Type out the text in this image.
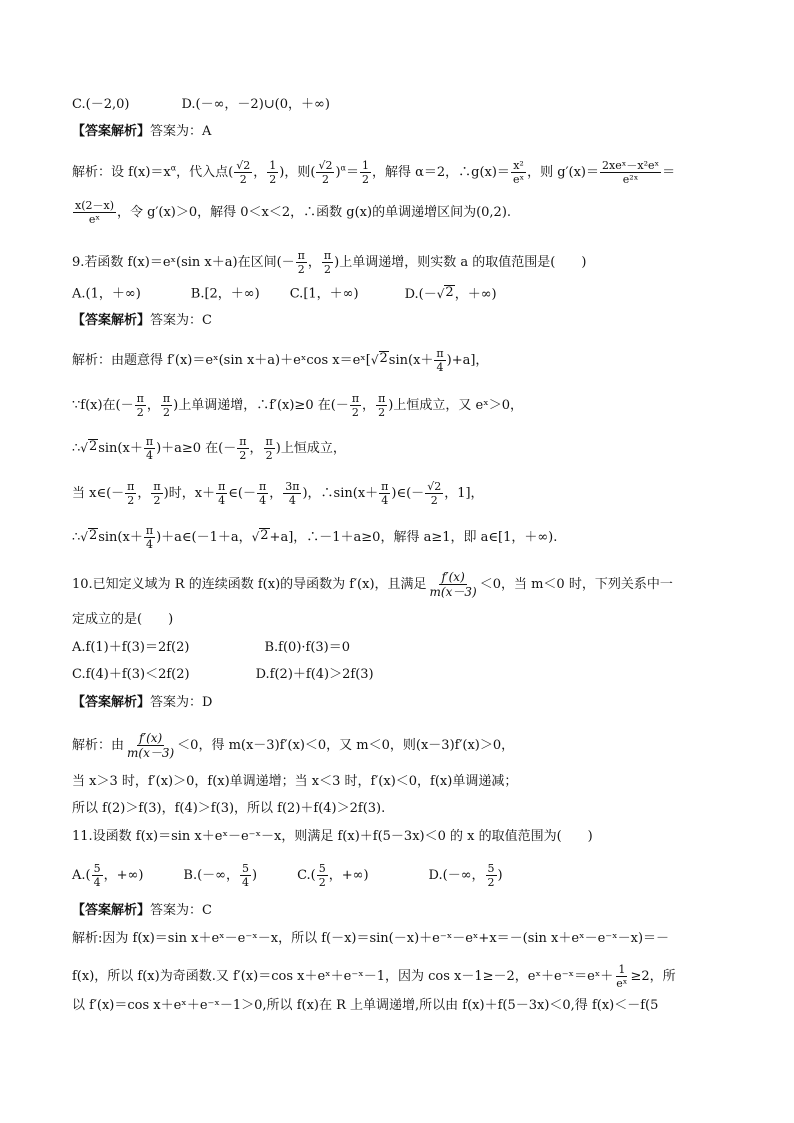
C.(－2,0)	D.(－∞，－2)∪(0，＋∞)
【答案解析】答案为：A
解析：设 $f(x)=x^\alpha$，代入点( $\frac{√2}{2}$ ， $\frac{1}{2}$ )，则( $\frac{√2}{2} )^\alpha= \frac{1}{2}$ ，解得 α＝2，∴g(x)＝ $\frac{\text{x²}}{\text{eˣ}}$ ，则 $g'(x)= \frac{\text{2xeˣ－x²eˣ}}{\text{e²ˣ}}$ ＝
$\frac{x(2-x)}{\text{eˣ}}$ ，令 g′(x)＞0，解得 0＜x＜2，∴函数 g(x)的单调递增区间为(0,2).
9.若函数 f(x)＝eˣ(sin x＋a)在区间(－ $\frac{\pi}{2}$ ， $\frac{\pi}{2}$ )上单调递增，则实数 a 的取值范围是(　　)
A.(1，＋∞)	B.[2，＋∞) C.[1，＋∞)	D.(－ √ 2 ，＋∞)
【答案解析】答案为：C
解析：由题意得 f′(x)＝eˣ(sin x＋a)＋eˣcos x＝eˣ[ √ 2 $\sin(x+ \frac{\pi}{4} )+a$]，
∵f(x)在(－ $\frac{\pi}{2}$ ， $\frac{\pi}{2}$ )上单调递增，∴f′(x)≥0 在(－ $\frac{\pi}{2}$ ， $\frac{\pi}{2}$ )上恒成立，又 eˣ＞0，
∴ √ 2 $\sin(x+ \frac{\pi}{4} )+a\ge 0$ 在(－ $\frac{\pi}{2}$ ， $\frac{\pi}{2}$ )上恒成立，
当 x∈(－ $\frac{\pi}{2}$ ， $\frac{\pi}{2}$ )时，$x+ \frac{\pi}{4}$ ∈(－ $\frac{\pi}{4}$ ， $\frac{3\pi}{4}$ )，∴sin(x＋ $\frac{\pi}{4}$ )∈(－ $\frac{√2}{2}$ ，1]，
∴ √ 2 $\sin(x+ \frac{\pi}{4}$ )＋a∈(－1＋a， √ 2 +a]，∴－1＋a≥0，解得 a≥1，即 a∈[1，＋∞).
10.已知定义域为 R 的连续函数 f(x)的导函数为 f′(x)，且满足 $\frac{f'(x)}{m(x-3)} <0$，当 m＜0 时，下列关系中一
定成立的是(　　)
A.f(1)＋f(3)＝2f(2)	B.f(0)·f(3)＝0
C.f(4)＋f(3)＜2f(2)	D.f(2)＋f(4)＞2f(3)
【答案解析】答案为：D
解析：由 $\frac{f'(x)}{m(x-3)} <0$，得 m(x－3)f′(x)＜0，又 m＜0，则(x－3)f′(x)＞0，
当 x＞3 时，f′(x)＞0，f(x)单调递增；当 x＜3 时，f′(x)＜0，f(x)单调递减；
所以 f(2)＞f(3)，f(4)＞f(3)，所以 f(2)＋f(4)＞2f(3).
11.设函数 f(x)＝sin x＋eˣ－e⁻ˣ－x，则满足 f(x)＋f(5－3x)＜0 的 x 的取值范围为(　　)
$A.( \frac{5}{4}$ ，+∞)	B.(－∞， $\frac{5}{4}$ )	$C.( \frac{5}{2}$ ，+∞)	D.(－∞， $\frac{5}{2}$ )
【答案解析】答案为：C
解析:因为 f(x)＝sin x＋eˣ－e⁻ˣ－x，所以 f(－x)＝sin(－x)＋e⁻ˣ－eˣ+x＝－(sin x＋eˣ－e⁻ˣ－x)＝－
f(x)，所以 f(x)为奇函数.又 f′(x)＝cos x＋eˣ＋e⁻ˣ－1，因为 cos x－1≥－2，eˣ＋e⁻ˣ＝eˣ＋ $\frac{1}{\text{eˣ}} \ge 2$，所
以 f′(x)＝cos x＋eˣ＋e⁻ˣ－1＞0,所以 f(x)在 R 上单调递增,所以由 f(x)＋f(5－3x)＜0,得 f(x)＜－f(5
